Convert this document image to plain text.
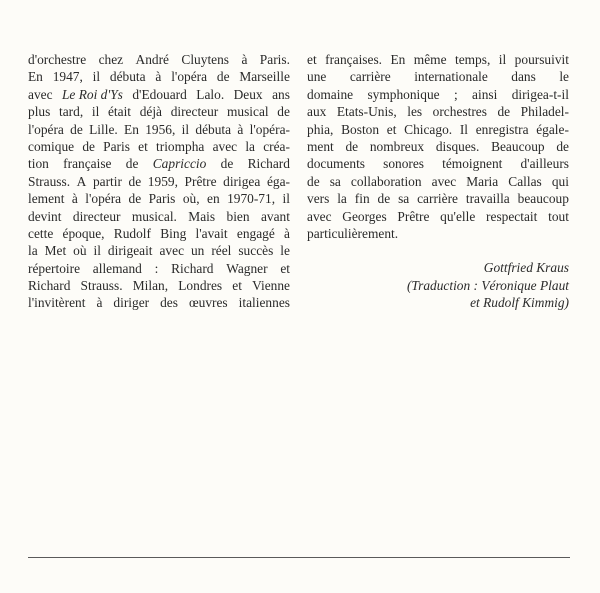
d'orchestre chez André Cluytens à Paris.
En 1947, il débuta à l'opéra de Marseille
avec Le Roi d'Ys d'Edouard Lalo. Deux ans
plus tard, il était déjà directeur musical de
l'opéra de Lille. En 1956, il débuta à l'opéra-
comique de Paris et triompha avec la créa-
tion française de Capriccio de Richard
Strauss. A partir de 1959, Prêtre dirigea éga-
lement à l'opéra de Paris où, en 1970-71, il
devint directeur musical. Mais bien avant
cette époque, Rudolf Bing l'avait engagé à
la Met où il dirigeait avec un réel succès le
répertoire allemand : Richard Wagner et
Richard Strauss. Milan, Londres et Vienne
l'invitèrent à diriger des œuvres italiennes
et françaises. En même temps, il poursuivit
une carrière internationale dans le
domaine symphonique ; ainsi dirigea-t-il
aux Etats-Unis, les orchestres de Philadel-
phia, Boston et Chicago. Il enregistra égale-
ment de nombreux disques. Beaucoup de
documents sonores témoignent d'ailleurs
de sa collaboration avec Maria Callas qui
vers la fin de sa carrière travailla beaucoup
avec Georges Prêtre qu'elle respectait tout
particulièrement.
Gottfried Kraus
(Traduction : Véronique Plaut
et Rudolf Kimmig)
